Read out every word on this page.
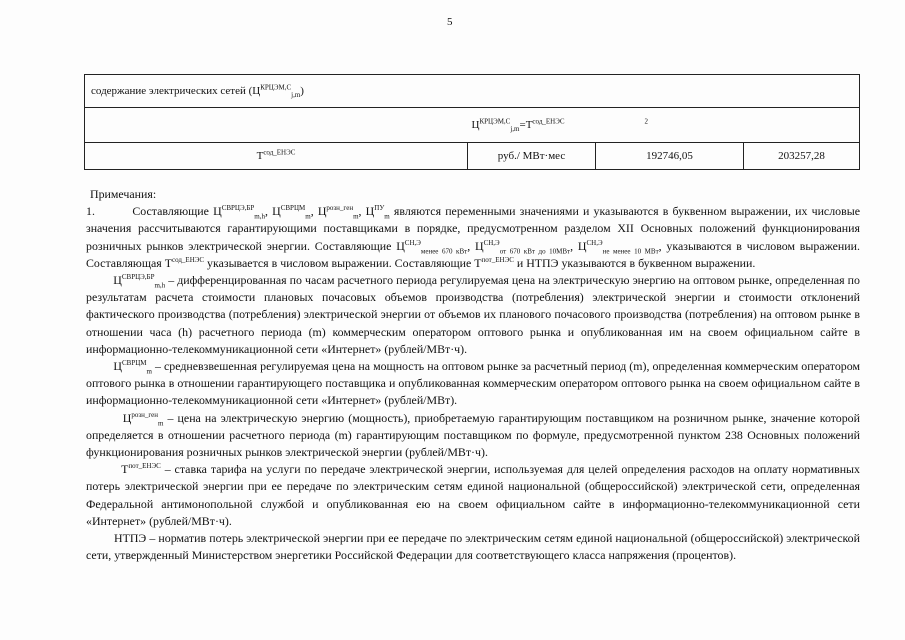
5
содержание электрических сетей $(Ц^{КРЦЭМ,С}_{j,m})$			
	$Ц^{КРЦЭМ,С}_{j,m}=Т^{сод\_ЕНЭС}$ $^2$
$Т^{сод\_ЕНЭС}$	руб./ МВт·мес	192746,05	203257,28

Примечания:

1.	Составляющие $Ц^{СВРЦЭ,БР}_{m,h}$, $Ц^{СВРЦМ}_m$, $Ц^{розн\_ген}_m$, $Ц^{ПУ}_m$ являются переменными значениями и указываются в буквенном выражении, их числовые значения рассчитываются гарантирующими поставщиками в порядке, предусмотренном разделом XII Основных положений функционирования розничных рынков электрической энергии. Составляющие $Ц^{СН,Э}_{менее 670 кВт}$, $Ц^{СН,Э}_{от 670 кВт до 10МВт}$, $Ц^{СН,Э}_{не менее 10 МВт}$, указываются в числовом выражении. Составляющая $Т^{сод\_ЕНЭС}$ указывается в числовом выражении. Составляющие $Т^{пот\_ЕНЭС}$ и НТПЭ указываются в буквенном выражении.

$Ц^{СВРЦЭ,БР}_{m,h}$ – дифференцированная по часам расчетного периода регулируемая цена на электрическую энергию на оптовом рынке, определенная по результатам расчета стоимости плановых почасовых объемов производства (потребления) электрической энергии и стоимости отклонений фактического производства (потребления) электрической энергии от объемов их планового почасового производства (потребления) на оптовом рынке в отношении часа (h) расчетного периода (m) коммерческим оператором оптового рынка и опубликованная им на своем официальном сайте в информационно-телекоммуникационной сети «Интернет» (рублей/МВт·ч).

$Ц^{СВРЦМ}_m$ – средневзвешенная регулируемая цена на мощность на оптовом рынке за расчетный период (m), определенная коммерческим оператором оптового рынка в отношении гарантирующего поставщика и опубликованная коммерческим оператором оптового рынка на своем официальном сайте в информационно-телекоммуникационной сети «Интернет» (рублей/МВт).

$Ц^{розн\_ген}_m$ – цена на электрическую энергию (мощность), приобретаемую гарантирующим поставщиком на розничном рынке, значение которой определяется в отношении расчетного периода (m) гарантирующим поставщиком по формуле, предусмотренной пунктом 238 Основных положений функционирования розничных рынков электрической энергии (рублей/МВт·ч).

$Т^{пот\_ЕНЭС}$ – ставка тарифа на услуги по передаче электрической энергии, используемая для целей определения расходов на оплату нормативных потерь электрической энергии при ее передаче по электрическим сетям единой национальной (общероссийской) электрической сети, определенная Федеральной антимонопольной службой и опубликованная ею на своем официальном сайте в информационно-телекоммуникационной сети «Интернет» (рублей/МВт·ч).

НТПЭ – норматив потерь электрической энергии при ее передаче по электрическим сетям единой национальной (общероссийской) электрической сети, утвержденный Министерством энергетики Российской Федерации для соответствующего класса напряжения (процентов).
